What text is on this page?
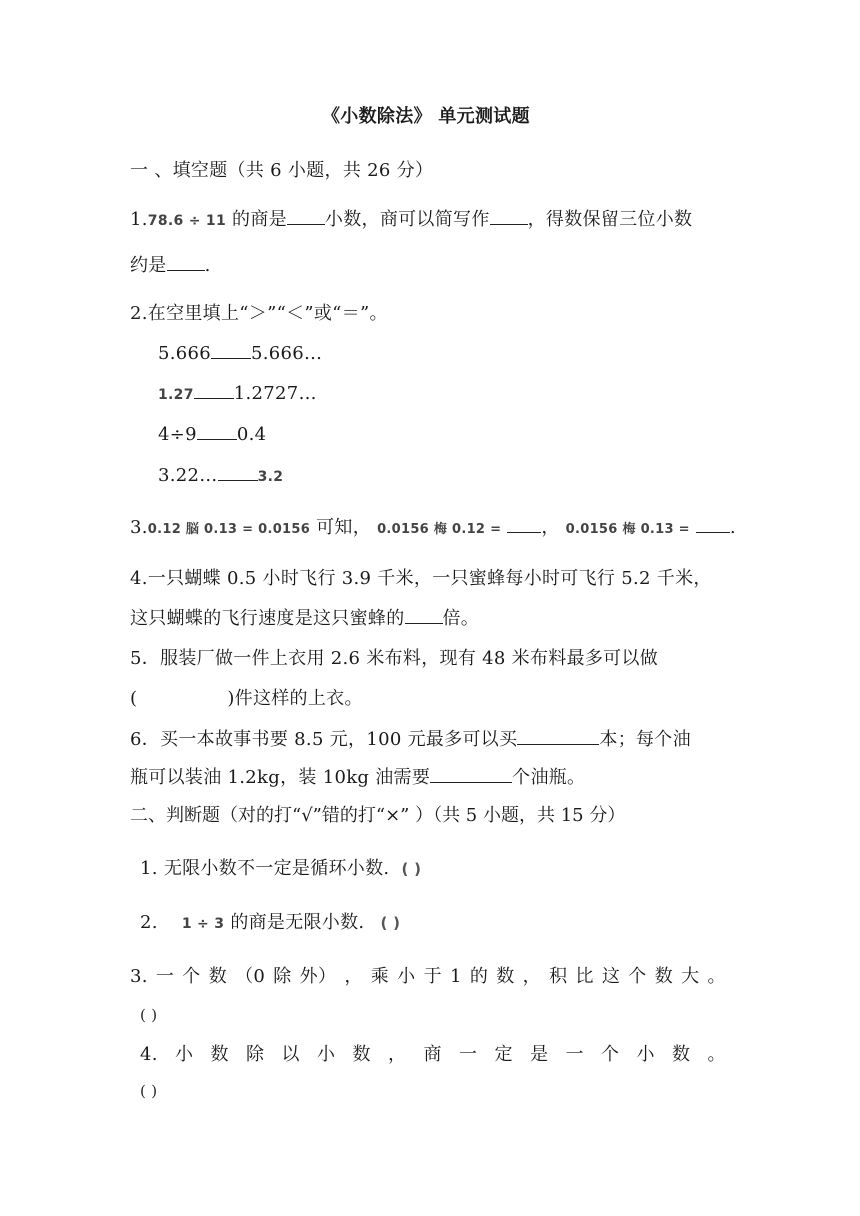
《小数除法》 单元测试题
一 、填空题（共 6 小题，共 26 分）
1.78.6 ÷ 11 的商是 小数，商可以简写作 ，得数保留三位小数
约是 .
2.在空里填上“＞”“＜”或“＝”。
5.666 5.666…
1.27 1.2727…
4÷9 0.4
3.22…	3.2
3.0.12 脳 0.13 = 0.0156 可知， 0.0156 梅 0.12 = ， 0.0156 梅 0.13 = .
4.一只蝴蝶 0.5 小时飞行 3.9 千米，一只蜜蜂每小时可飞行 5.2 千米，
这只蝴蝶的飞行速度是这只蜜蜂的 倍。
5．服装厂做一件上衣用 2.6 米布料，现有 48 米布料最多可以做
(	)件这样的上衣。
6．买一本故事书要 8.5 元，100 元最多可以买	本；每个油
瓶可以装油 1.2kg，装 10kg 油需要	个油瓶。
二、判断题（对的打“√”错的打“×” ）（共 5 小题，共 15 分）
1. 无限小数不一定是循环小数. ( )
2. 1 ÷ 3 的商是无限小数. ( )
3. 一 个 数 （0 除 外） ， 乘 小 于 1 的 数 ， 积 比 这 个 数 大 。
( )
4. 小 数 除 以 小 数 ， 商 一 定 是 一 个 小 数 。
( )
